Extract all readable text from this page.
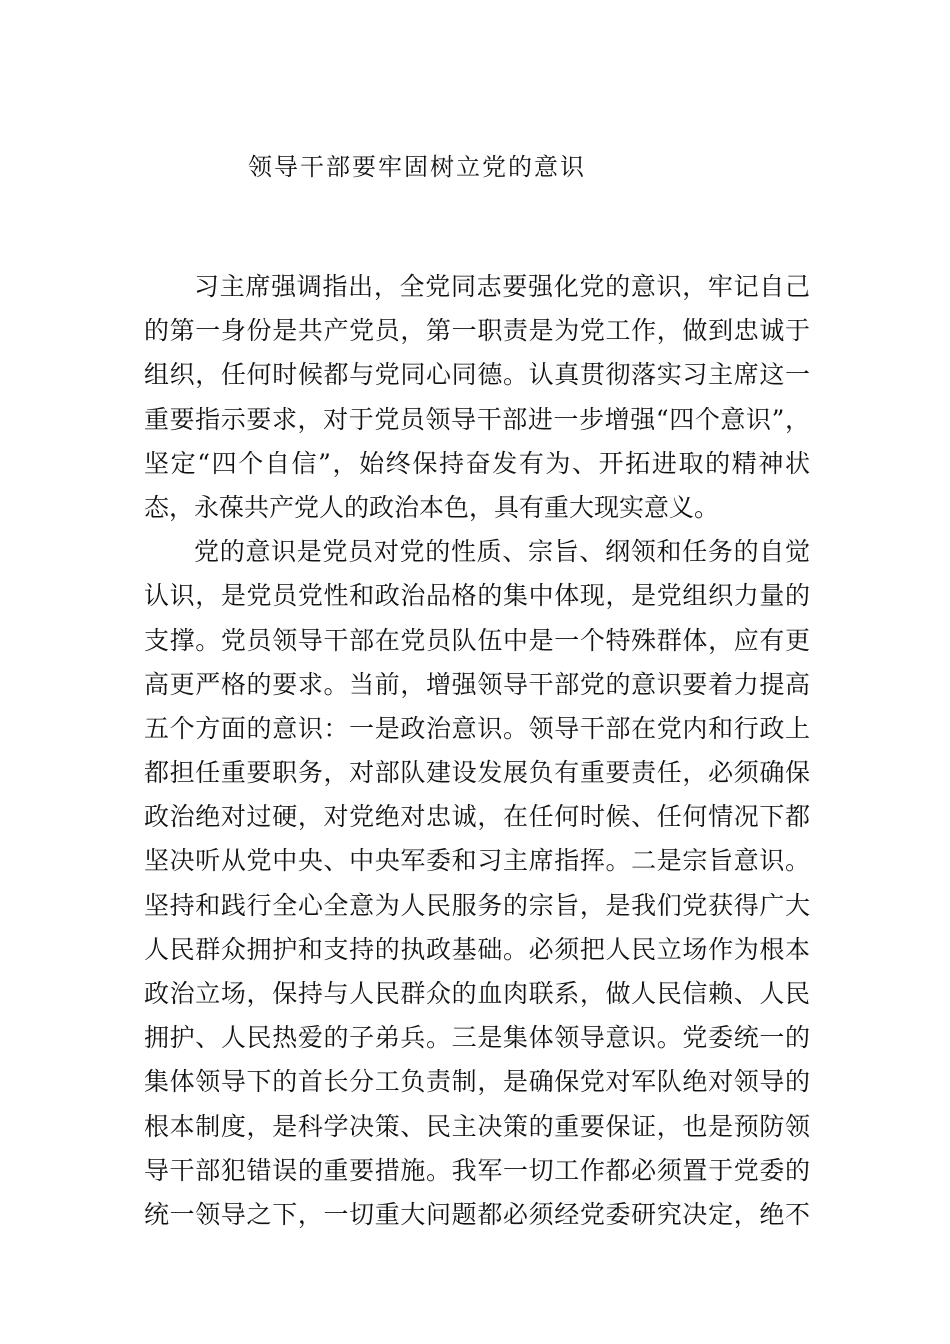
领导干部要牢固树立党的意识
习主席强调指出，全党同志要强化党的意识，牢记自己
的第一身份是共产党员，第一职责是为党工作，做到忠诚于
组织，任何时候都与党同心同德。认真贯彻落实习主席这一
重要指示要求，对于党员领导干部进一步增强“四个意识”，
坚定“四个自信”，始终保持奋发有为、开拓进取的精神状
态，永葆共产党人的政治本色，具有重大现实意义。
党的意识是党员对党的性质、宗旨、纲领和任务的自觉
认识，是党员党性和政治品格的集中体现，是党组织力量的
支撑。党员领导干部在党员队伍中是一个特殊群体，应有更
高更严格的要求。当前，增强领导干部党的意识要着力提高
五个方面的意识：一是政治意识。领导干部在党内和行政上
都担任重要职务，对部队建设发展负有重要责任，必须确保
政治绝对过硬，对党绝对忠诚，在任何时候、任何情况下都
坚决听从党中央、中央军委和习主席指挥。二是宗旨意识。
坚持和践行全心全意为人民服务的宗旨，是我们党获得广大
人民群众拥护和支持的执政基础。必须把人民立场作为根本
政治立场，保持与人民群众的血肉联系，做人民信赖、人民
拥护、人民热爱的子弟兵。三是集体领导意识。党委统一的
集体领导下的首长分工负责制，是确保党对军队绝对领导的
根本制度，是科学决策、民主决策的重要保证，也是预防领
导干部犯错误的重要措施。我军一切工作都必须置于党委的
统一领导之下，一切重大问题都必须经党委研究决定，绝不
